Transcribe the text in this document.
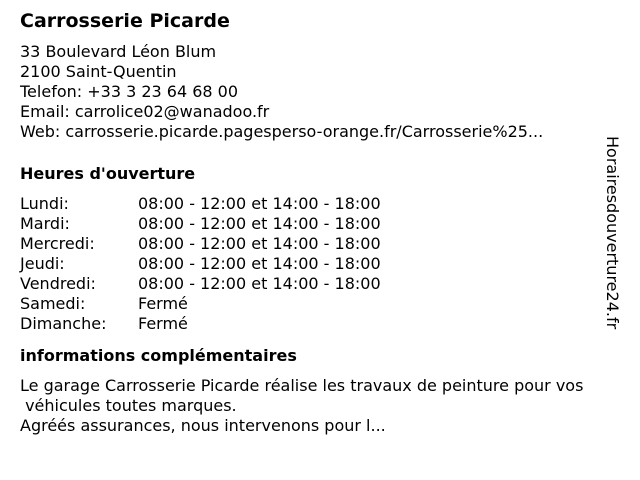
Carrosserie Picarde
33 Boulevard Léon Blum
2100 Saint-Quentin
Telefon: +33 3 23 64 68 00
Email: carrolice02@wanadoo.fr
Web: carrosserie.picarde.pagesperso-orange.fr/Carrosserie%25...
Heures d'ouverture
Lundi:	08:00 - 12:00 et 14:00 - 18:00
Mardi:	08:00 - 12:00 et 14:00 - 18:00
Mercredi:	08:00 - 12:00 et 14:00 - 18:00
Jeudi:	08:00 - 12:00 et 14:00 - 18:00
Vendredi:	08:00 - 12:00 et 14:00 - 18:00
Samedi:	Fermé
Dimanche:	Fermé
informations complémentaires

Le garage Carrosserie Picarde réalise les travaux de peinture pour vos

véhicules toutes marques.

Agréés assurances, nous intervenons pour l...

Horairesdouverture24.fr
